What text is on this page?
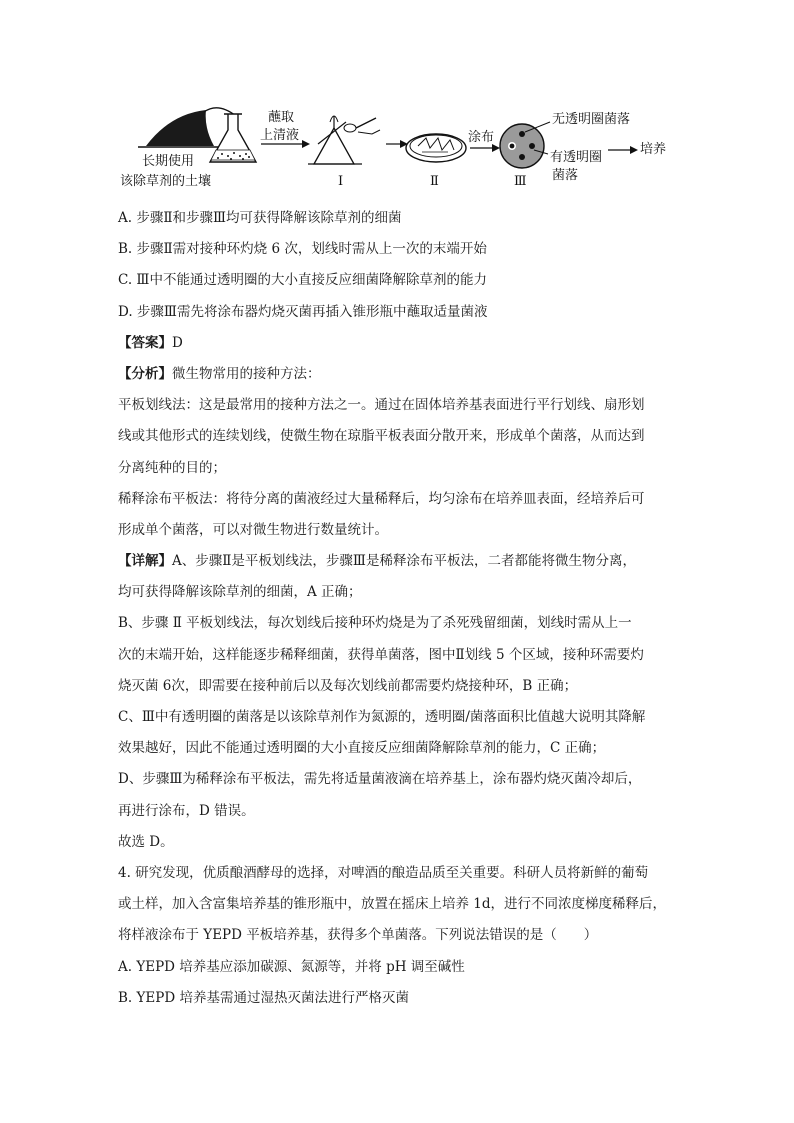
长期使用
该除草剂的土壤
蘸取
上清液
Ⅰ	Ⅱ
涂布
Ⅲ
无透明圈菌落
有透明圈
菌落
培养
A. 步骤Ⅱ和步骤Ⅲ均可获得降解该除草剂的细菌
B. 步骤Ⅱ需对接种环灼烧 6 次，划线时需从上一次的末端开始
C. Ⅲ中不能通过透明圈的大小直接反应细菌降解除草剂的能力
D. 步骤Ⅲ需先将涂布器灼烧灭菌再插入锥形瓶中蘸取适量菌液
【答案】D
【分析】微生物常用的接种方法：
平板划线法：这是最常用的接种方法之一。通过在固体培养基表面进行平行划线、扇形划
线或其他形式的连续划线，使微生物在琼脂平板表面分散开来，形成单个菌落，从而达到
分离纯种的目的；
稀释涂布平板法：将待分离的菌液经过大量稀释后，均匀涂布在培养皿表面，经培养后可
形成单个菌落，可以对微生物进行数量统计。
【详解】A、步骤Ⅱ是平板划线法，步骤Ⅲ是稀释涂布平板法，二者都能将微生物分离，
均可获得降解该除草剂的细菌，A 正确；
B、步骤 Ⅱ 平板划线法，每次划线后接种环灼烧是为了杀死残留细菌，划线时需从上一
次的末端开始，这样能逐步稀释细菌，获得单菌落，图中Ⅱ划线 5 个区域，接种环需要灼
烧灭菌 6次，即需要在接种前后以及每次划线前都需要灼烧接种环，B 正确；
C、Ⅲ中有透明圈的菌落是以该除草剂作为氮源的，透明圈/菌落面积比值越大说明其降解
效果越好，因此不能通过透明圈的大小直接反应细菌降解除草剂的能力，C 正确；
D、步骤Ⅲ为稀释涂布平板法，需先将适量菌液滴在培养基上，涂布器灼烧灭菌冷却后，
再进行涂布，D 错误。
故选 D。
4. 研究发现，优质酿酒酵母的选择，对啤酒的酿造品质至关重要。科研人员将新鲜的葡萄
或土样，加入含富集培养基的锥形瓶中，放置在摇床上培养 1d，进行不同浓度梯度稀释后，
将样液涂布于 YEPD 平板培养基，获得多个单菌落。下列说法错误的是（　　）
A. YEPD 培养基应添加碳源、氮源等，并将 pH 调至碱性
B. YEPD 培养基需通过湿热灭菌法进行严格灭菌
